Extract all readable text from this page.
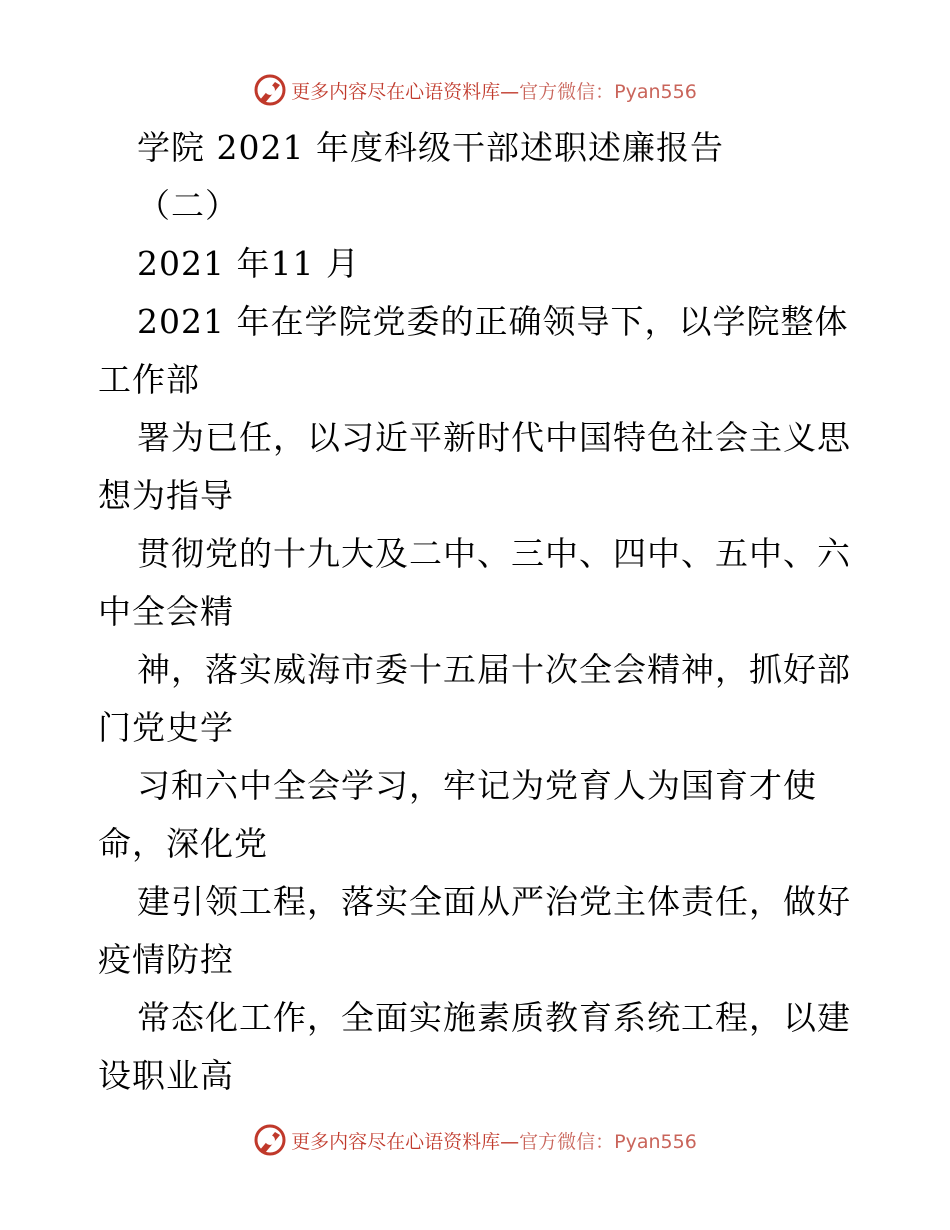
更多内容尽在心语资料库—官方微信：Pyan556
学院 2021 年度科级干部述职述廉报告
（二）
2021 年11 月
2021 年在学院党委的正确领导下，以学院整体
工作部
署为已任，以习近平新时代中国特色社会主义思
想为指导
贯彻党的十九大及二中、三中、四中、五中、六
中全会精
神，落实威海市委十五届十次全会精神，抓好部
门党史学
习和六中全会学习，牢记为党育人为国育才使
命，深化党
建引领工程，落实全面从严治党主体责任，做好
疫情防控
常态化工作，全面实施素质教育系统工程，以建
设职业高
更多内容尽在心语资料库—官方微信：Pyan556
